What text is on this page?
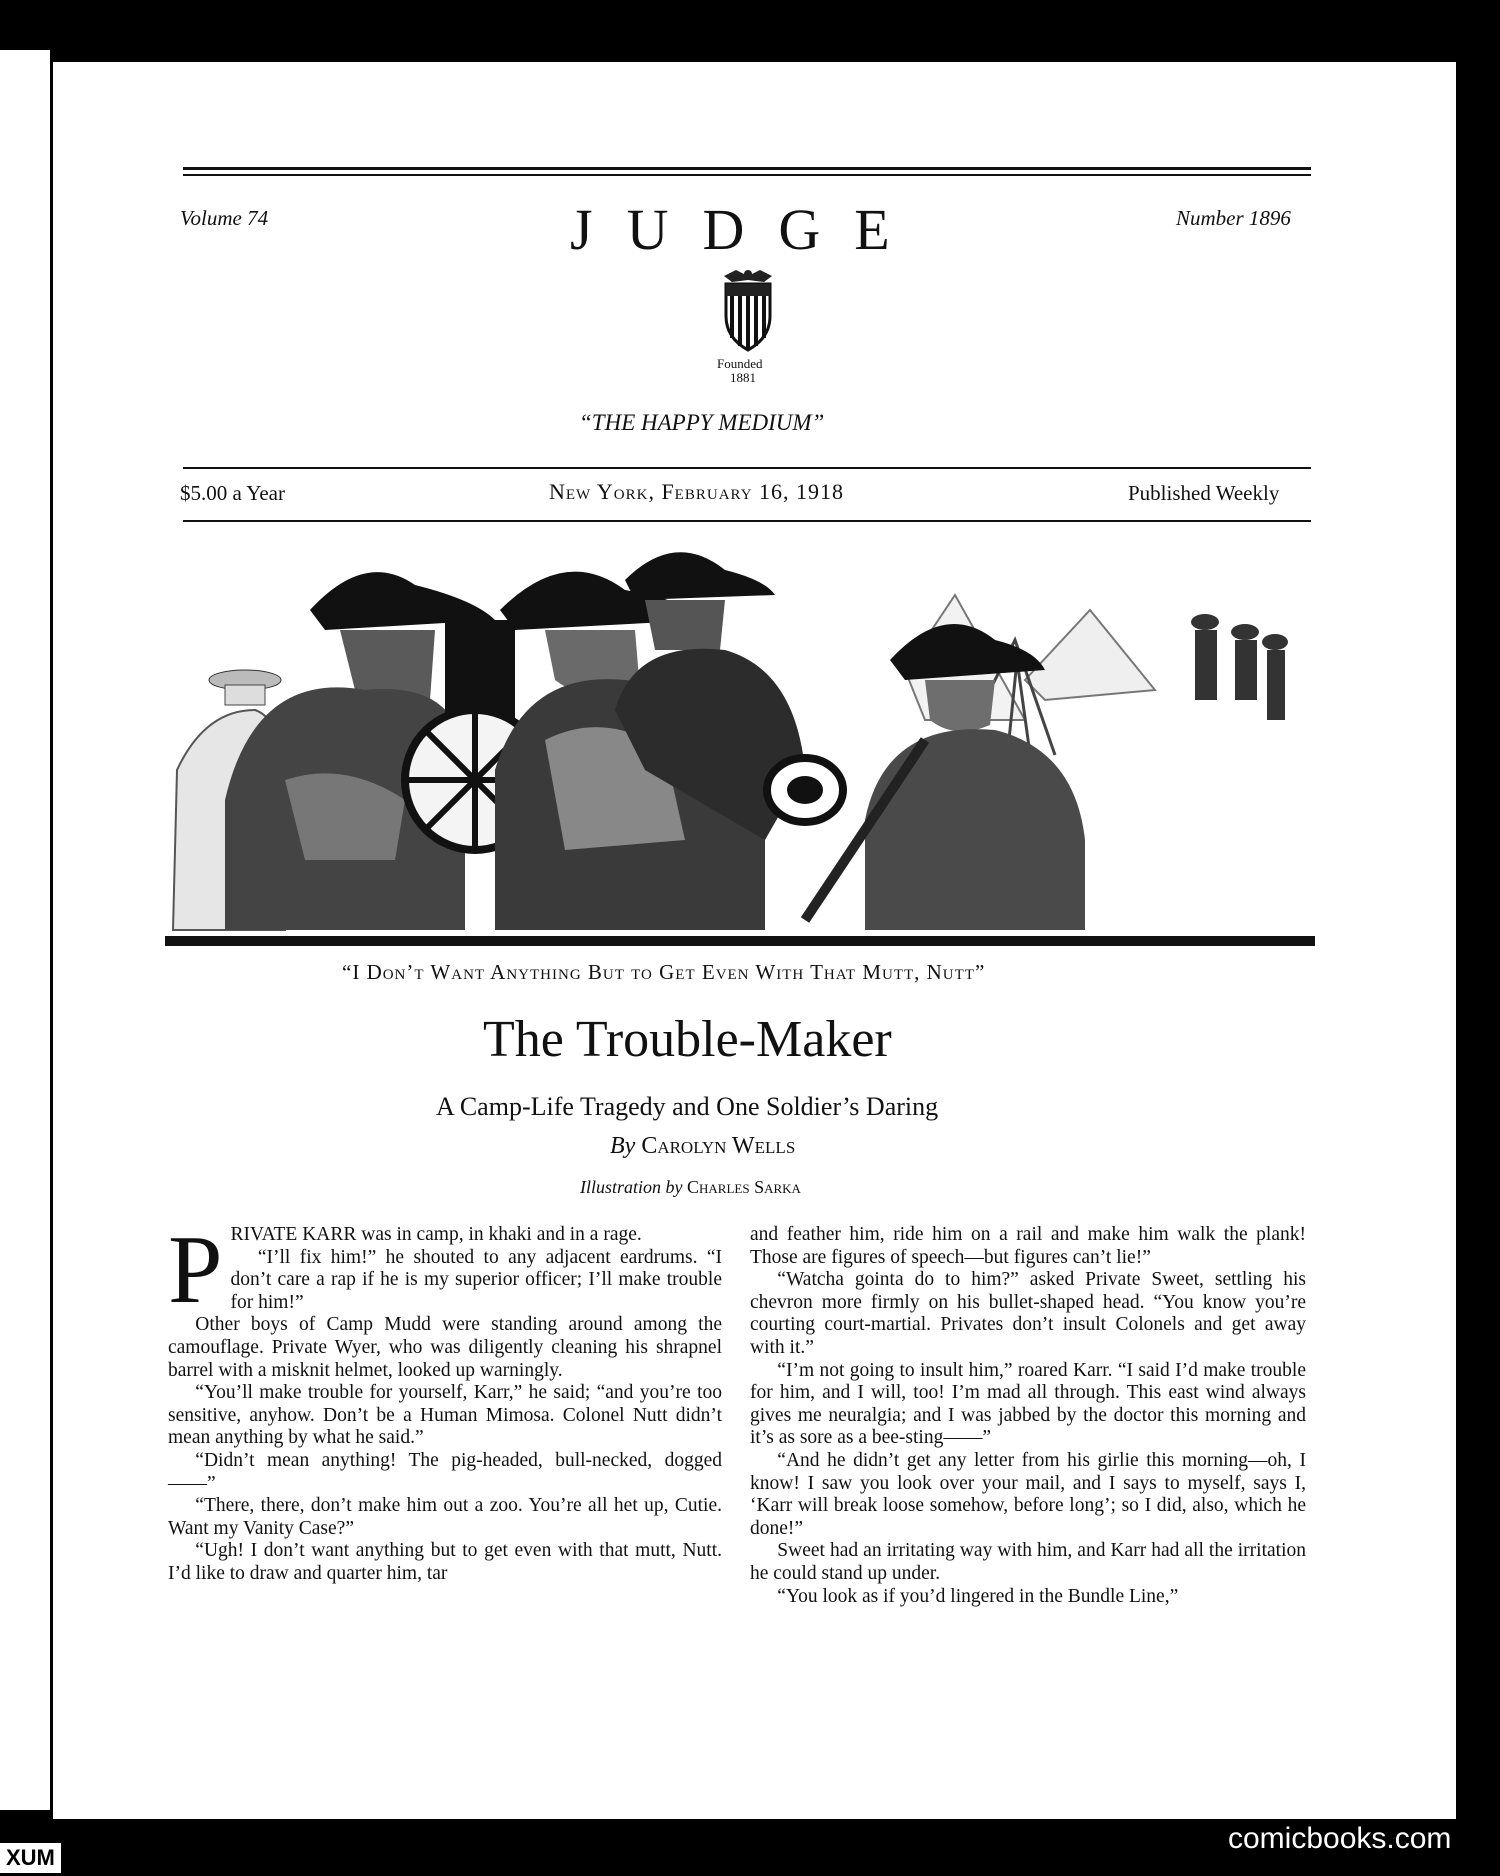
Volume 74	JUDGE	Number 1896
Founded
1881
“THE HAPPY MEDIUM”
$5.00 a Year	New York, February 16, 1918	Published Weekly
“I Don’t Want Anything But to Get Even With That Mutt, Nutt”
The Trouble-Maker
A Camp-Life Tragedy and One Soldier’s Daring
By Carolyn Wells
Illustration by Charles Sarka
P RIVATE KARR was in camp, in khaki and in a rage.

“I’ll fix him!” he shouted to any adjacent eardrums. “I don’t care a rap if he is my superior officer; I’ll make trouble for him!”

Other boys of Camp Mudd were standing around among the camouflage. Private Wyer, who was diligently cleaning his shrapnel barrel with a misknit helmet, looked up warningly.

“You’ll make trouble for yourself, Karr,” he said; “and you’re too sensitive, anyhow. Don’t be a Human Mimosa. Colonel Nutt didn’t mean anything by what he said.”

“Didn’t mean anything! The pig-headed, bull-necked, dogged——”

“There, there, don’t make him out a zoo. You’re all het up, Cutie. Want my Vanity Case?”

“Ugh! I don’t want anything but to get even with that mutt, Nutt. I’d like to draw and quarter him, tar

and feather him, ride him on a rail and make him walk the plank! Those are figures of speech—but figures can’t lie!”

“Watcha gointa do to him?” asked Private Sweet, settling his chevron more firmly on his bullet-shaped head. “You know you’re courting court-martial. Privates don’t insult Colonels and get away with it.”

“I’m not going to insult him,” roared Karr. “I said I’d make trouble for him, and I will, too! I’m mad all through. This east wind always gives me neuralgia; and I was jabbed by the doctor this morning and it’s as sore as a bee-sting——”

“And he didn’t get any letter from his girlie this morning—oh, I know! I saw you look over your mail, and I says to myself, says I, ‘Karr will break loose somehow, before long’; so I did, also, which he done!”

Sweet had an irritating way with him, and Karr had all the irritation he could stand up under.

“You look as if you’d lingered in the Bundle Line,”

XUM
comicbooks.com
